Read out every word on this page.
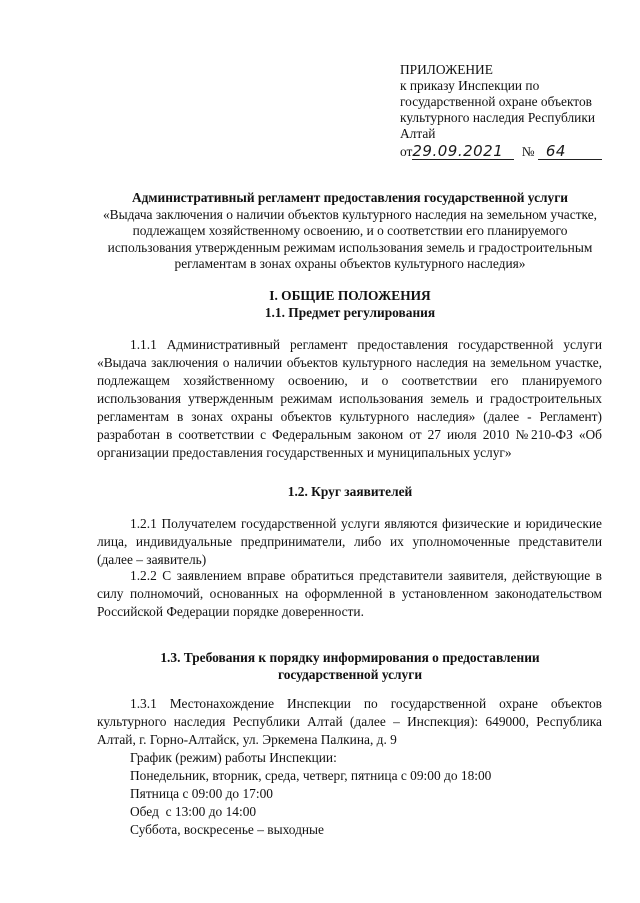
ПРИЛОЖЕНИЕ
к приказу Инспекции по
государственной охране объектов
культурного наследия Республики
Алтай
от29.09.2021 № 64
Административный регламент предоставления государственной услуги
«Выдача заключения о наличии объектов культурного наследия на земельном участке, подлежащем хозяйственному освоению, и о соответствии его планируемого использования утвержденным режимам использования земель и градостроительным регламентам в зонах охраны объектов культурного наследия»
I. ОБЩИЕ ПОЛОЖЕНИЯ
1.1. Предмет регулирования
1.1.1 Административный регламент предоставления государственной услуги «Выдача заключения о наличии объектов культурного наследия на земельном участке, подлежащем хозяйственному освоению, и о соответствии его планируемого использования утвержденным режимам использования земель и градостроительных регламентам в зонах охраны объектов культурного наследия» (далее - Регламент) разработан в соответствии с Федеральным законом от 27 июля 2010 №210-ФЗ «Об организации предоставления государственных и муниципальных услуг»
1.2. Круг заявителей
1.2.1 Получателем государственной услуги являются физические и юридические лица, индивидуальные предприниматели, либо их уполномоченные представители (далее – заявитель)
1.2.2 С заявлением вправе обратиться представители заявителя, действующие в силу полномочий, основанных на оформленной в установленном законодательством Российской Федерации порядке доверенности.
1.3. Требования к порядку информирования о предоставлении
государственной услуги
1.3.1 Местонахождение Инспекции по государственной охране объектов культурного наследия Республики Алтай (далее – Инспекция): 649000, Республика Алтай, г. Горно-Алтайск, ул. Эркемена Палкина, д. 9
График (режим) работы Инспекции:
Понедельник, вторник, среда, четверг, пятница с 09:00 до 18:00
Пятница с 09:00 до 17:00
Обед  с 13:00 до 14:00
Суббота, воскресенье – выходные
